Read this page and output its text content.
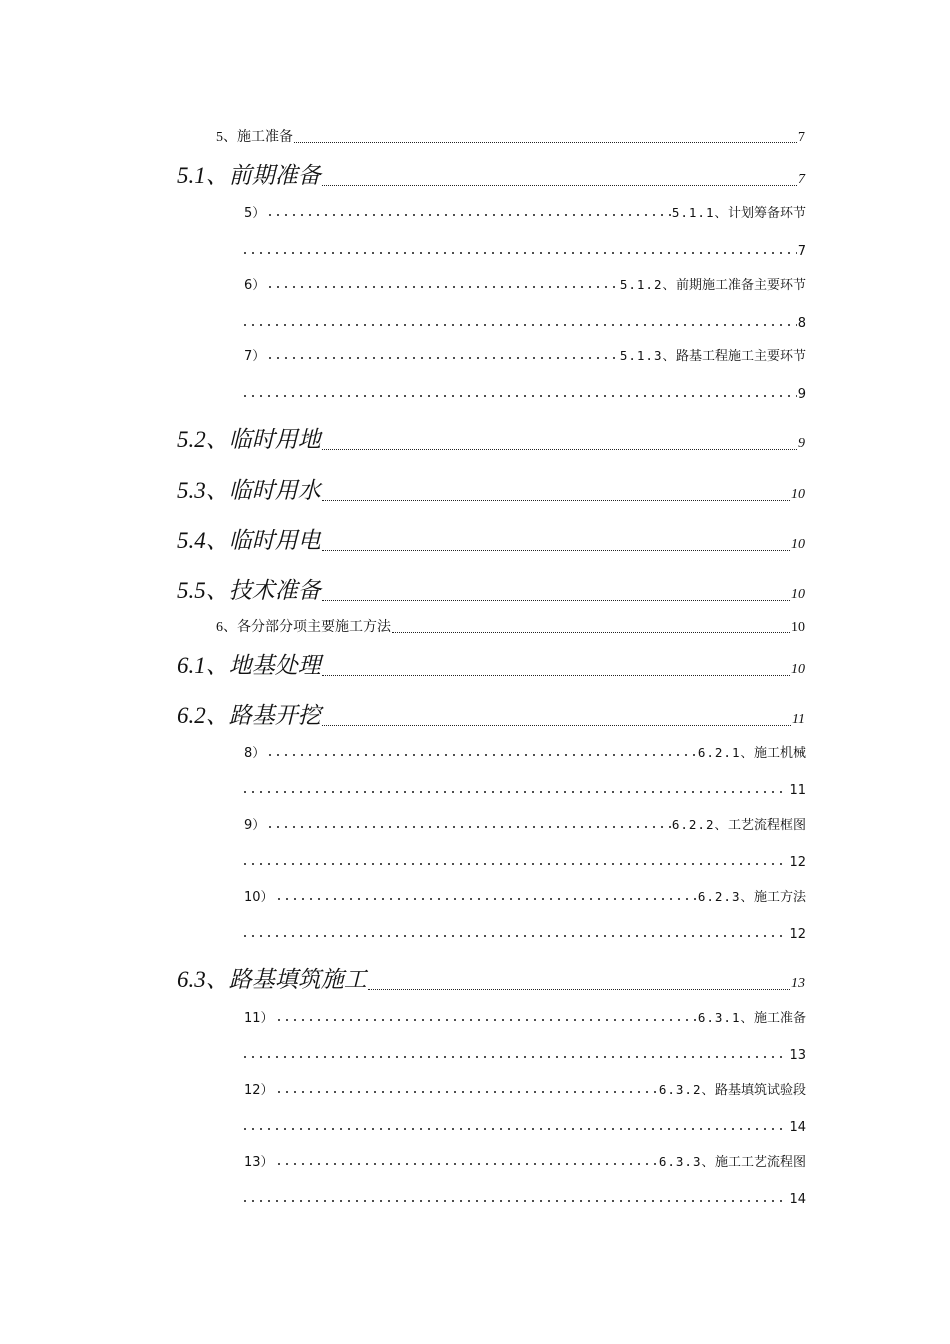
5、施工准备	7
5.1、前期准备	7
5）	5.1.1、 计划筹备环节
7
6）	5.1.2、 前期施工准备主要环节
8
7）	5.1.3、 路基工程施工主要环节
9
5.2、临时用地	9
5.3、临时用水	10
5.4、临时用电	10
5.5、技术准备	10
6、各分部分项主要施工方法	10
6.1、地基处理	10
6.2、路基开挖	11
8）	6.2.1、 施工机械
11
9）	6.2.2、 工艺流程框图
12
10）	6.2.3、 施工方法
12
6.3、路基填筑施工	13
11）	6.3.1、 施工准备
13
12）	6.3.2、 路基填筑试验段
14
13）	6.3.3、 施工工艺流程图
14
